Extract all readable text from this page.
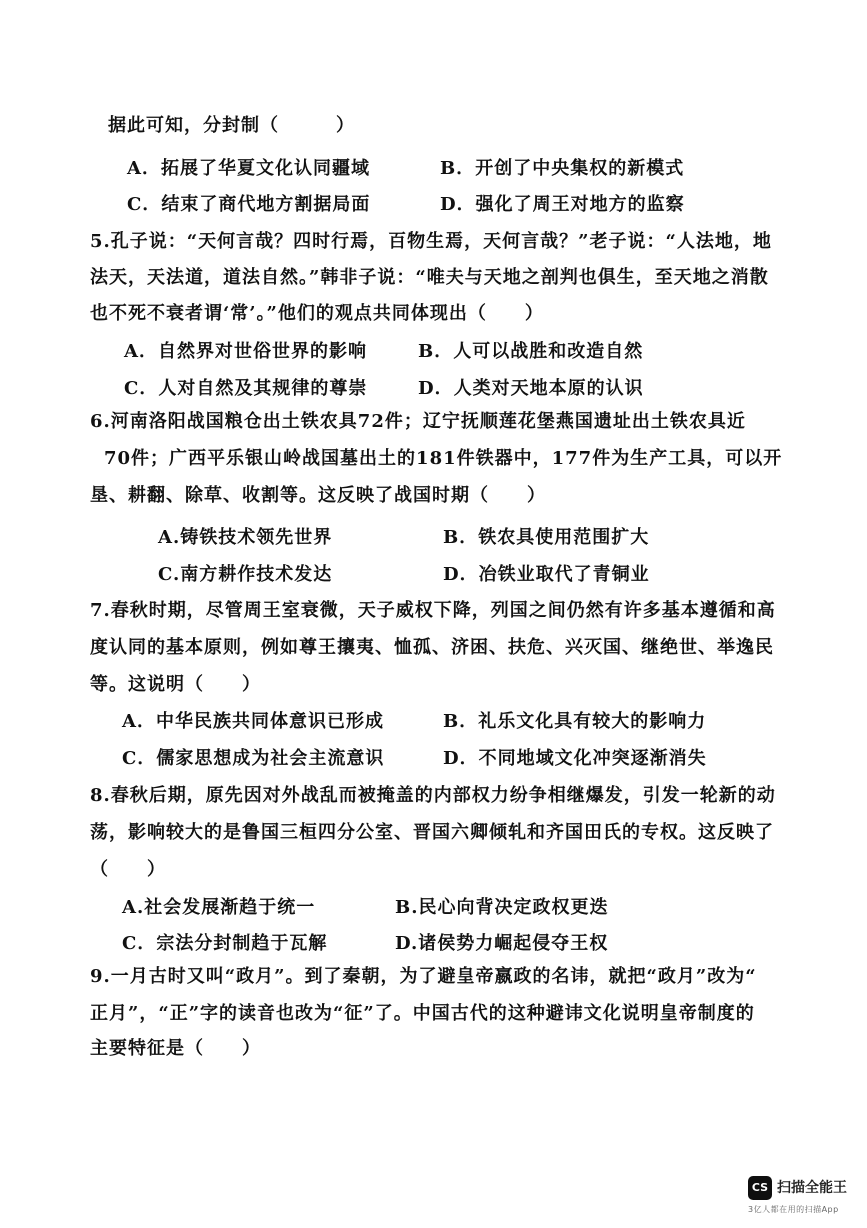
据此可知，分封制（　　　）
A．拓展了华夏文化认同疆域	B．开创了中央集权的新模式
C．结束了商代地方割据局面	D．强化了周王对地方的监察
5.孔子说：“天何言哉？四时行焉，百物生焉，天何言哉？”老子说：“人法地，地
法天，天法道，道法自然。”韩非子说：“唯夫与天地之剖判也俱生，至天地之消散
也不死不衰者谓‘常’。”他们的观点共同体现出（　　）
A．自然界对世俗世界的影响	B．人可以战胜和改造自然
C．人对自然及其规律的尊崇	D．人类对天地本原的认识
6.河南洛阳战国粮仓出土铁农具72件；辽宁抚顺莲花堡燕国遗址出土铁农具近
70件；广西平乐银山岭战国墓出土的181件铁器中，177件为生产工具，可以开
垦、耕翻、除草、收割等。这反映了战国时期（　　）
A.铸铁技术领先世界	B．铁农具使用范围扩大
C.南方耕作技术发达	D．冶铁业取代了青铜业
7.春秋时期，尽管周王室衰微，天子威权下降，列国之间仍然有许多基本遵循和高
度认同的基本原则，例如尊王攘夷、恤孤、济困、扶危、兴灭国、继绝世、举逸民
等。这说明（　　）
A．中华民族共同体意识已形成	B．礼乐文化具有较大的影响力
C．儒家思想成为社会主流意识	D．不同地域文化冲突逐渐消失
8.春秋后期，原先因对外战乱而被掩盖的内部权力纷争相继爆发，引发一轮新的动
荡，影响较大的是鲁国三桓四分公室、晋国六卿倾轧和齐国田氏的专权。这反映了
（　　）
A.社会发展渐趋于统一	B.民心向背决定政权更迭
C．宗法分封制趋于瓦解	D.诸侯势力崛起侵夺王权
9.一月古时又叫“政月”。到了秦朝，为了避皇帝嬴政的名讳，就把“政月”改为“
正月”，“正”字的读音也改为“征”了。中国古代的这种避讳文化说明皇帝制度的
主要特征是（　　）
CS 扫描全能王
3亿人都在用的扫描App
